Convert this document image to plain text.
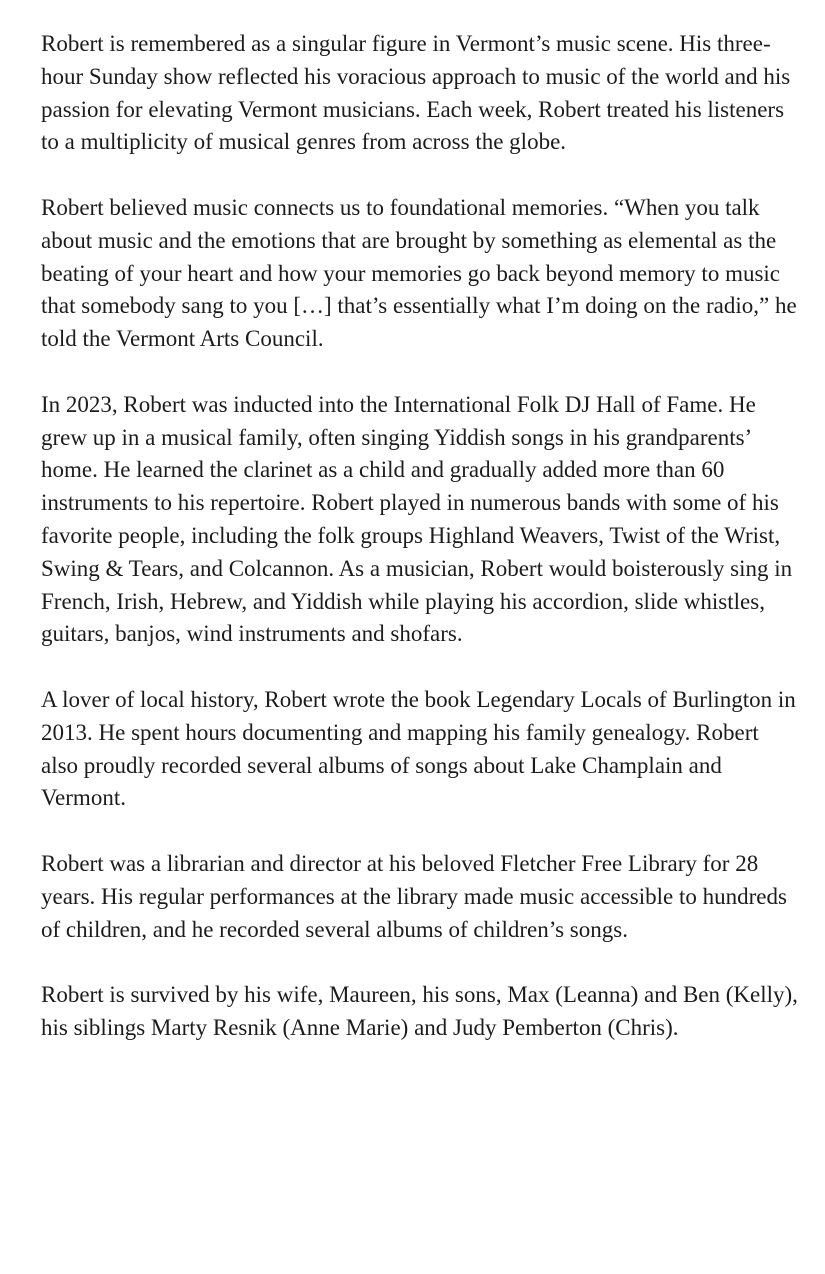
Robert is remembered as a singular figure in Vermont’s music scene. His three-hour Sunday show reflected his voracious approach to music of the world and his passion for elevating Vermont musicians. Each week, Robert treated his listeners to a multiplicity of musical genres from across the globe.

Robert believed music connects us to foundational memories. “When you talk about music and the emotions that are brought by something as elemental as the beating of your heart and how your memories go back beyond memory to music that somebody sang to you […] that’s essentially what I’m doing on the radio,” he told the Vermont Arts Council.

In 2023, Robert was inducted into the International Folk DJ Hall of Fame. He grew up in a musical family, often singing Yiddish songs in his grandparents’ home. He learned the clarinet as a child and gradually added more than 60 instruments to his repertoire. Robert played in numerous bands with some of his favorite people, including the folk groups Highland Weavers, Twist of the Wrist, Swing & Tears, and Colcannon. As a musician, Robert would boisterously sing in French, Irish, Hebrew, and Yiddish while playing his accordion, slide whistles, guitars, banjos, wind instruments and shofars.

A lover of local history, Robert wrote the book Legendary Locals of Burlington in 2013. He spent hours documenting and mapping his family genealogy. Robert also proudly recorded several albums of songs about Lake Champlain and Vermont.

Robert was a librarian and director at his beloved Fletcher Free Library for 28 years. His regular performances at the library made music accessible to hundreds of children, and he recorded several albums of children’s songs.

Robert is survived by his wife, Maureen, his sons, Max (Leanna) and Ben (Kelly), his siblings Marty Resnik (Anne Marie) and Judy Pemberton (Chris).
